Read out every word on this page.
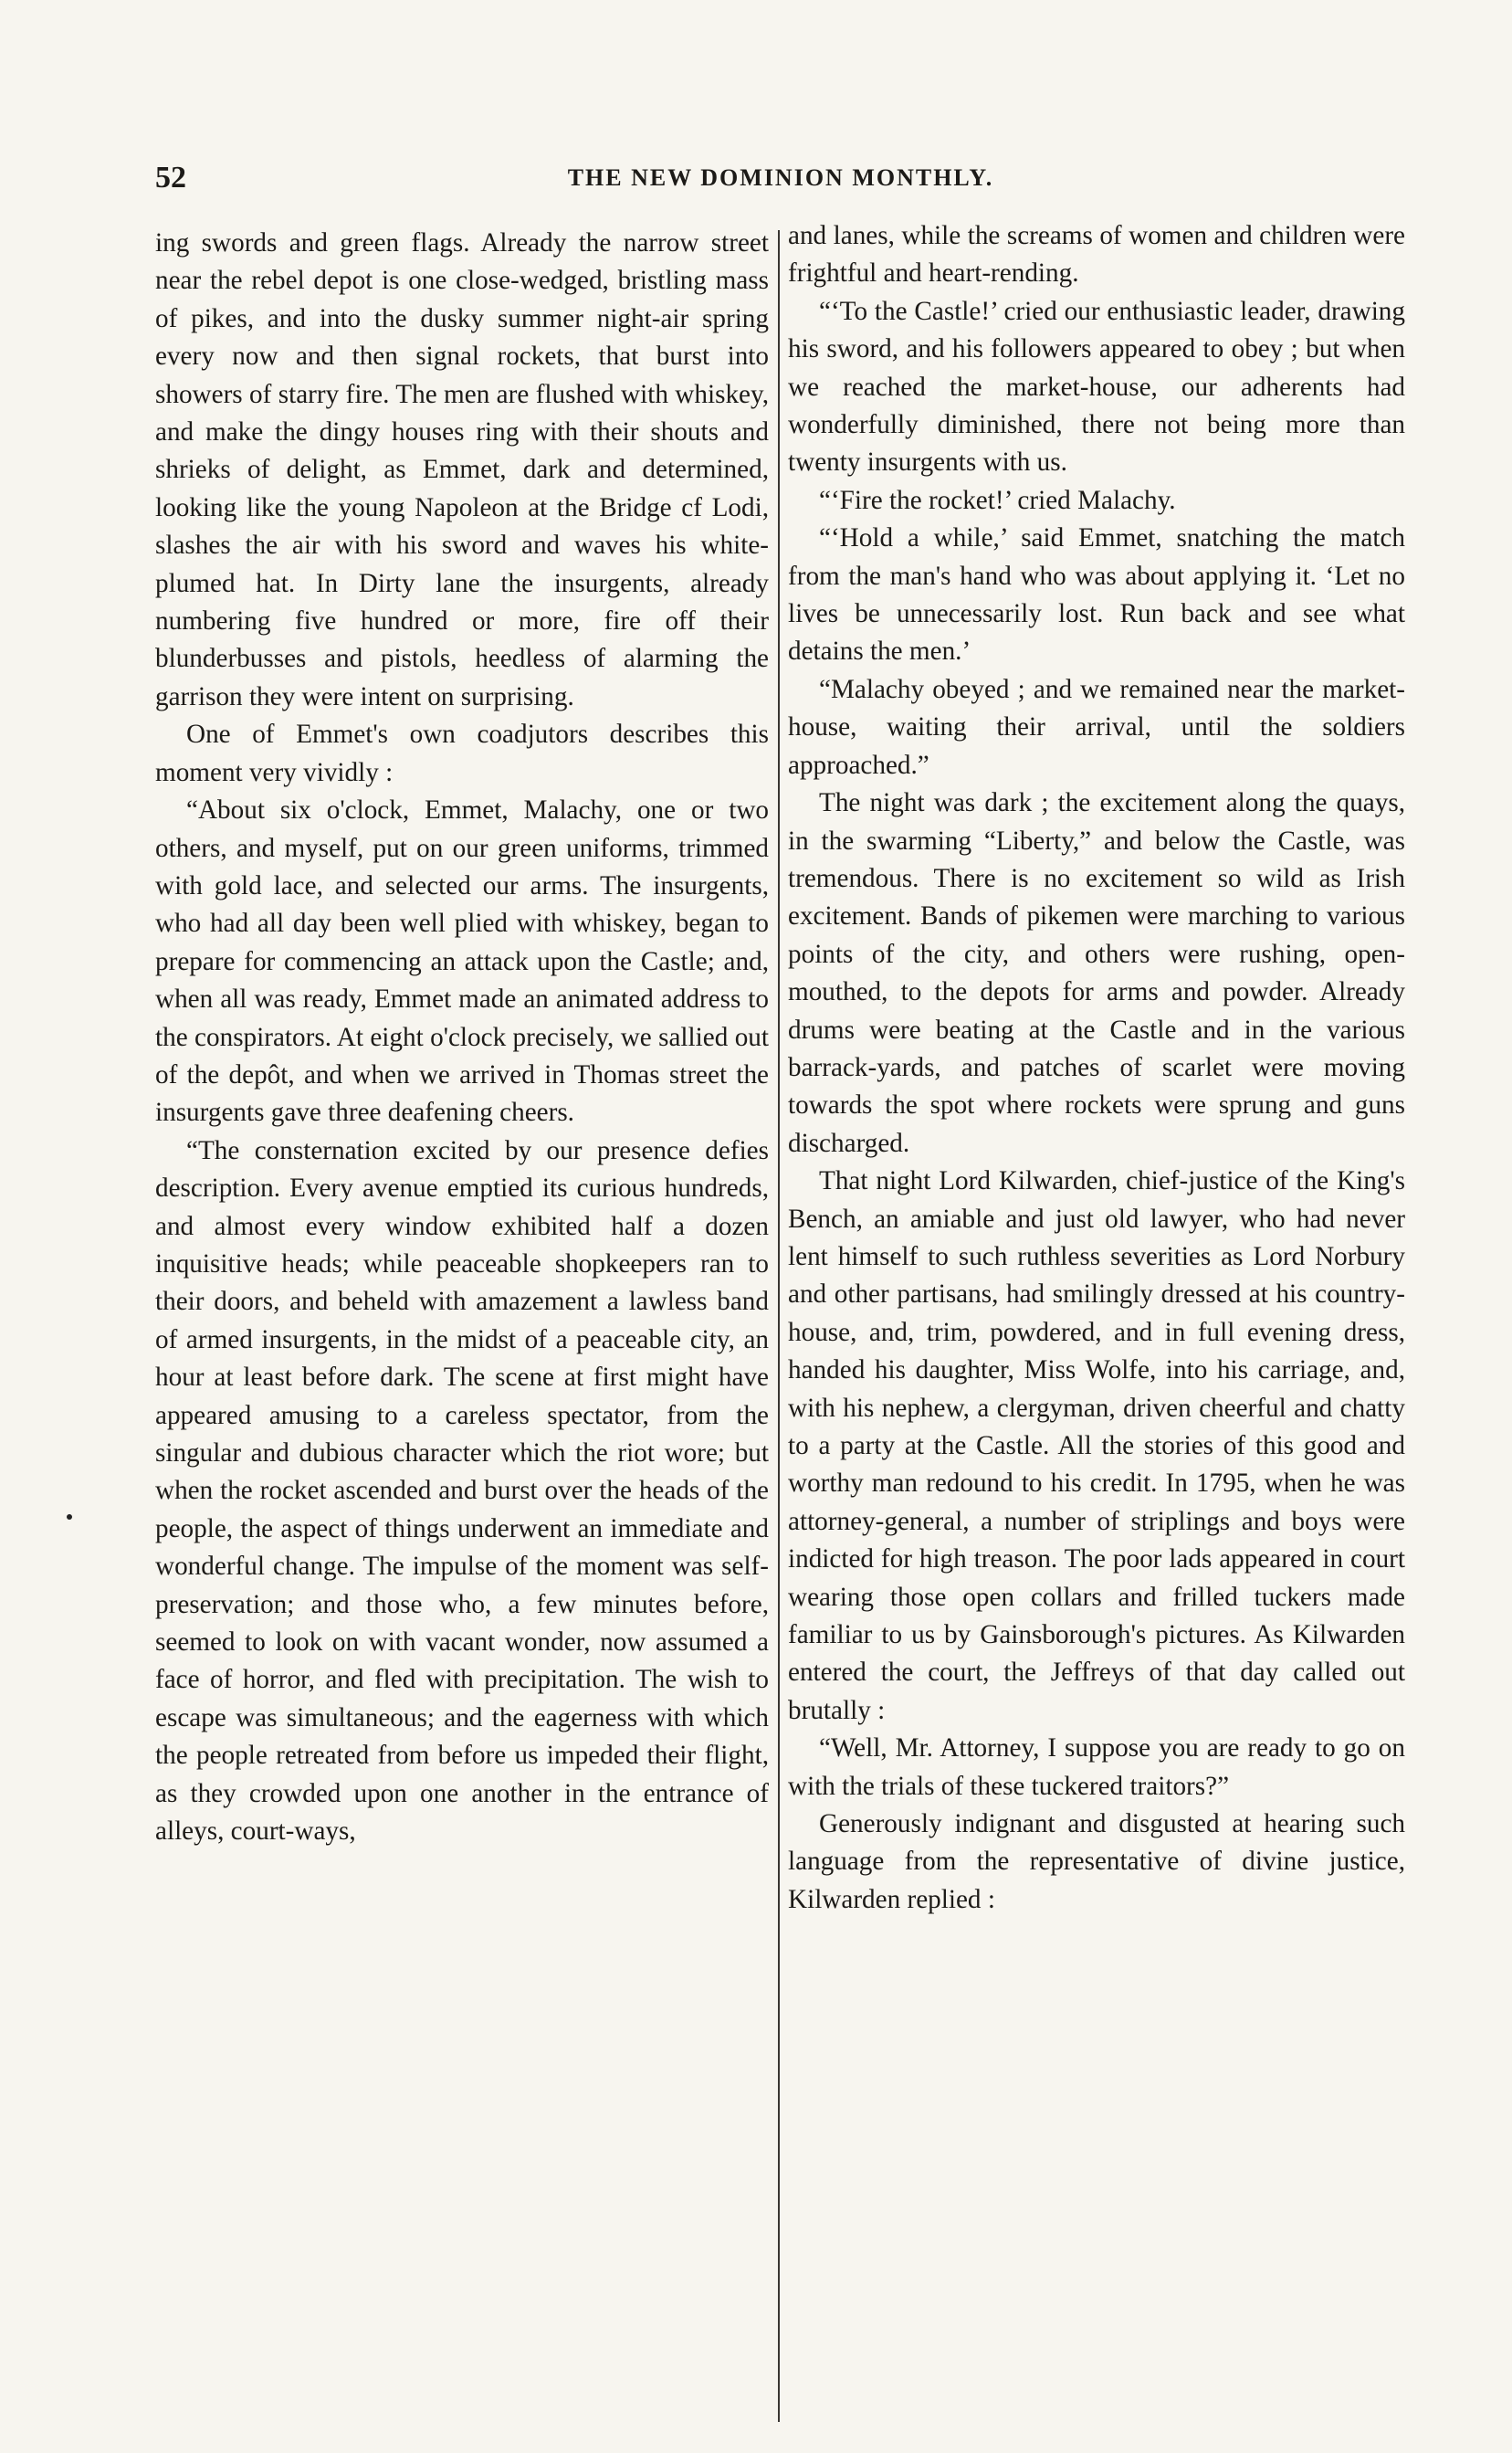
52	THE NEW DOMINION MONTHLY.

ing swords and green flags. Already the narrow street near the rebel depot is one close-wedged, bristling mass of pikes, and into the dusky summer night-air spring every now and then signal rockets, that burst into showers of starry fire. The men are flushed with whiskey, and make the dingy houses ring with their shouts and shrieks of delight, as Emmet, dark and determined, looking like the young Napoleon at the Bridge cf Lodi, slashes the air with his sword and waves his white-plumed hat. In Dirty lane the insurgents, already numbering five hundred or more, fire off their blunderbusses and pistols, heedless of alarming the garrison they were intent on surprising.

One of Emmet's own coadjutors describes this moment very vividly :

“About six o'clock, Emmet, Malachy, one or two others, and myself, put on our green uniforms, trimmed with gold lace, and selected our arms. The insurgents, who had all day been well plied with whiskey, began to prepare for commencing an attack upon the Castle; and, when all was ready, Emmet made an animated address to the conspirators. At eight o'clock precisely, we sallied out of the depôt, and when we arrived in Thomas street the insurgents gave three deafening cheers.

“The consternation excited by our presence defies description. Every avenue emptied its curious hundreds, and almost every window exhibited half a dozen inquisitive heads; while peaceable shopkeepers ran to their doors, and beheld with amazement a lawless band of armed insurgents, in the midst of a peaceable city, an hour at least before dark. The scene at first might have appeared amusing to a careless spectator, from the singular and dubious character which the riot wore; but when the rocket ascended and burst over the heads of the people, the aspect of things underwent an immediate and wonderful change. The impulse of the moment was self-preservation; and those who, a few minutes before, seemed to look on with vacant wonder, now assumed a face of horror, and fled with precipitation. The wish to escape was simultaneous; and the eagerness with which the people retreated from before us impeded their flight, as they crowded upon one another in the entrance of alleys, court-ways,

and lanes, while the screams of women and children were frightful and heart-rending.

“‘To the Castle!’ cried our enthusiastic leader, drawing his sword, and his followers appeared to obey ; but when we reached the market-house, our adherents had wonderfully diminished, there not being more than twenty insurgents with us.

“‘Fire the rocket!’ cried Malachy.

“‘Hold a while,’ said Emmet, snatching the match from the man's hand who was about applying it. ‘Let no lives be unnecessarily lost. Run back and see what detains the men.’

“Malachy obeyed ; and we remained near the market-house, waiting their arrival, until the soldiers approached.”

The night was dark ; the excitement along the quays, in the swarming “Liberty,” and below the Castle, was tremendous. There is no excitement so wild as Irish excitement. Bands of pikemen were marching to various points of the city, and others were rushing, open-mouthed, to the depots for arms and powder. Already drums were beating at the Castle and in the various barrack-yards, and patches of scarlet were moving towards the spot where rockets were sprung and guns discharged.

That night Lord Kilwarden, chief-justice of the King's Bench, an amiable and just old lawyer, who had never lent himself to such ruthless severities as Lord Norbury and other partisans, had smilingly dressed at his country-house, and, trim, powdered, and in full evening dress, handed his daughter, Miss Wolfe, into his carriage, and, with his nephew, a clergyman, driven cheerful and chatty to a party at the Castle. All the stories of this good and worthy man redound to his credit. In 1795, when he was attorney-general, a number of striplings and boys were indicted for high treason. The poor lads appeared in court wearing those open collars and frilled tuckers made familiar to us by Gainsborough's pictures. As Kilwarden entered the court, the Jeffreys of that day called out brutally :

“Well, Mr. Attorney, I suppose you are ready to go on with the trials of these tuckered traitors?”

Generously indignant and disgusted at hearing such language from the representative of divine justice, Kilwarden replied :
